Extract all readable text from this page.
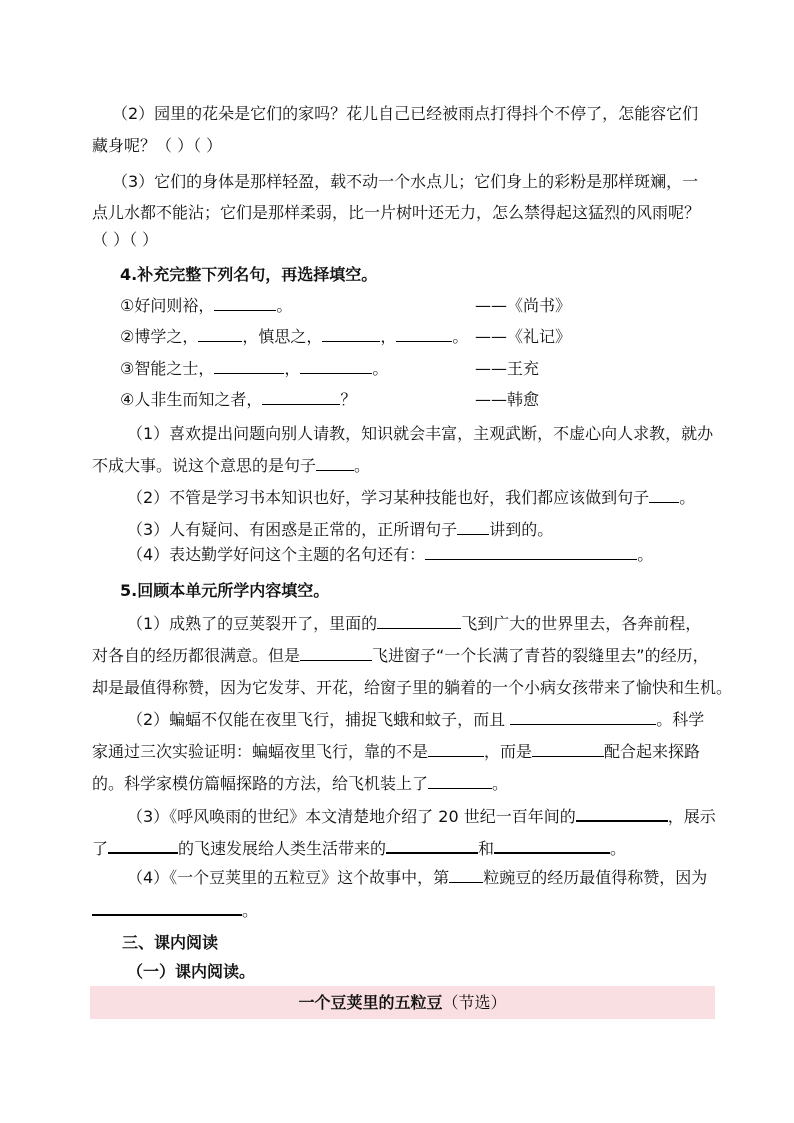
（2）园里的花朵是它们的家吗？花儿自己已经被雨点打得抖个不停了，怎能容它们
藏身呢？（ ）（ ）
（3）它们的身体是那样轻盈，载不动一个水点儿；它们身上的彩粉是那样斑斓，一
点儿水都不能沾；它们是那样柔弱，比一片树叶还无力，怎么禁得起这猛烈的风雨呢？
（ ）（ ）
4.补充完整下列名句，再选择填空。
①好问则裕，	。	——《尚书》
②博学之，	，慎思之，	，	。 ——《礼记》
③智能之士，	，	。	——王充
④人非生而知之者，	？	——韩愈
（1）喜欢提出问题向别人请教，知识就会丰富，主观武断，不虚心向人求教，就办
不成大事。说这个意思的是句子 。
（2）不管是学习书本知识也好，学习某种技能也好，我们都应该做到句子 。
（3）人有疑问、有困惑是正常的，正所谓句子 讲到的。
（4）表达勤学好问这个主题的名句还有：	。
5.回顾本单元所学内容填空。
（1）成熟了的豆荚裂开了，里面的	飞到广大的世界里去，各奔前程，
对各自的经历都很满意。但是	飞进窗子“一个长满了青苔的裂缝里去”的经历，
却是最值得称赞，因为它发芽、开花，给窗子里的躺着的一个小病女孩带来了愉快和生机。
（2）蝙蝠不仅能在夜里飞行，捕捉飞蛾和蚊子，而且	。科学
家通过三次实验证明：蝙蝠夜里飞行，靠的不是	，而是	配合起来探路
的。科学家模仿篇幅探路的方法，给飞机装上了	。
（3）《呼风唤雨的世纪》本文清楚地介绍了 20 世纪一百年间的	，展示
了	的飞速发展给人类生活带来的	和	。
（4）《一个豆荚里的五粒豆》这个故事中，第 粒豌豆的经历最值得称赞，因为
。
三、课内阅读
（一）课内阅读。
一个豆荚里的五粒豆（节选）
